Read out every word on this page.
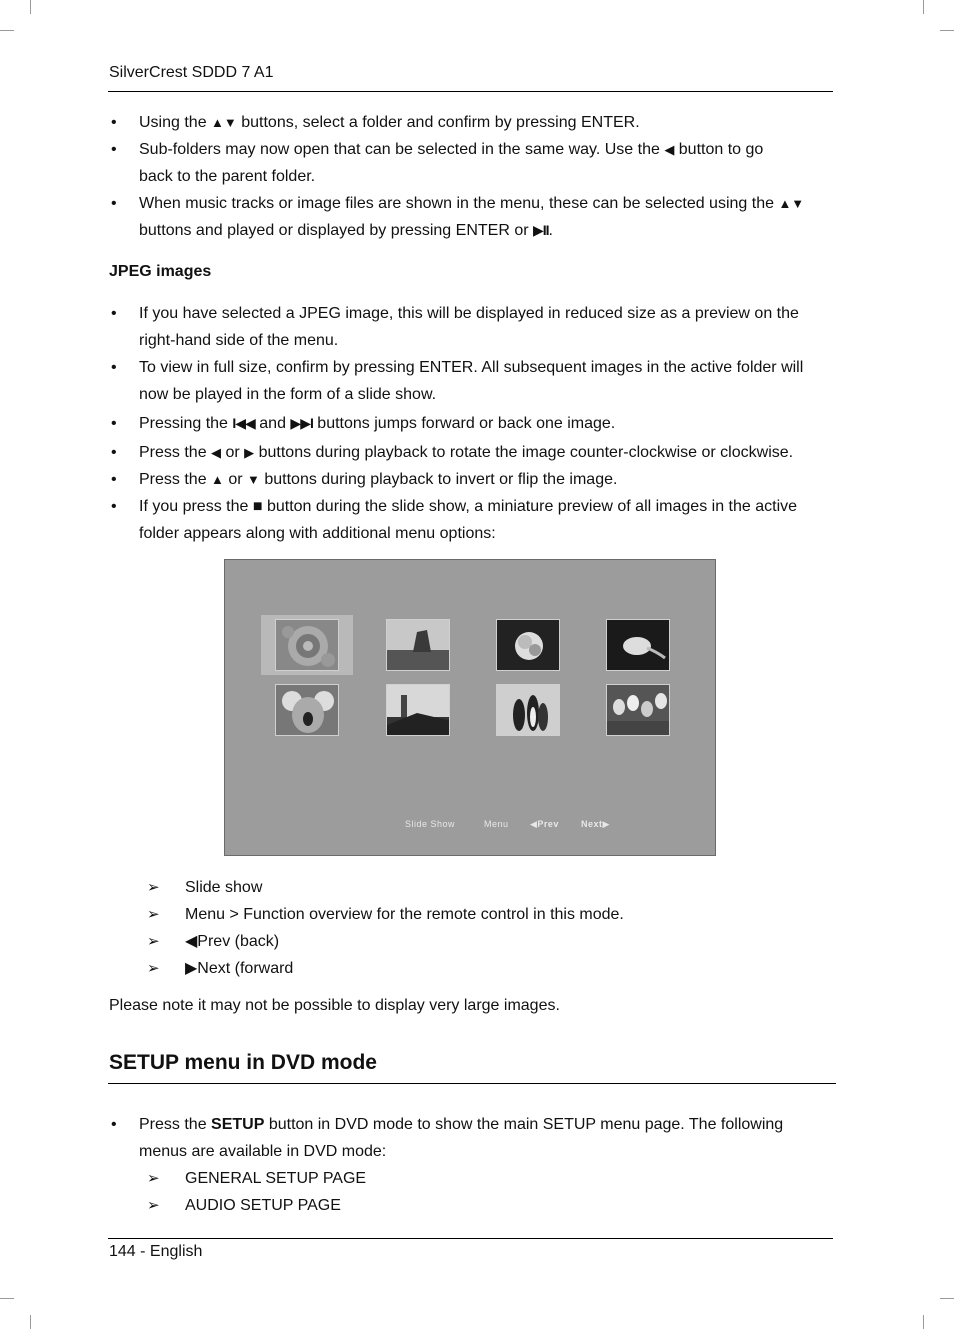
SilverCrest SDDD 7 A1
• Using the ▲▼ buttons, select a folder and confirm by pressing ENTER.
• Sub-folders may now open that can be selected in the same way. Use the ◀ button to go
back to the parent folder.
• When music tracks or image files are shown in the menu, these can be selected using the ▲▼
buttons and played or displayed by pressing ENTER or ▶II.
JPEG images
• If you have selected a JPEG image, this will be displayed in reduced size as a preview on the
right-hand side of the menu.
• To view in full size, confirm by pressing ENTER. All subsequent images in the active folder will
now be played in the form of a slide show.
• Pressing the I◀◀ and ▶▶I buttons jumps forward or back one image.
• Press the ◀ or ▶ buttons during playback to rotate the image counter-clockwise or clockwise.
• Press the ▲ or ▼ buttons during playback to invert or flip the image.
• If you press the ■ button during the slide show, a miniature preview of all images in the active
folder appears along with additional menu options:
Slide Show	Menu ◀Prev Next▶
➢ Slide show
➢ Menu > Function overview for the remote control in this mode.
➢ ◀Prev (back)
➢ ▶Next (forward
Please note it may not be possible to display very large images.
SETUP menu in DVD mode
• Press the SETUP button in DVD mode to show the main SETUP menu page. The following
menus are available in DVD mode:
➢ GENERAL SETUP PAGE
➢ AUDIO SETUP PAGE
144 - English
